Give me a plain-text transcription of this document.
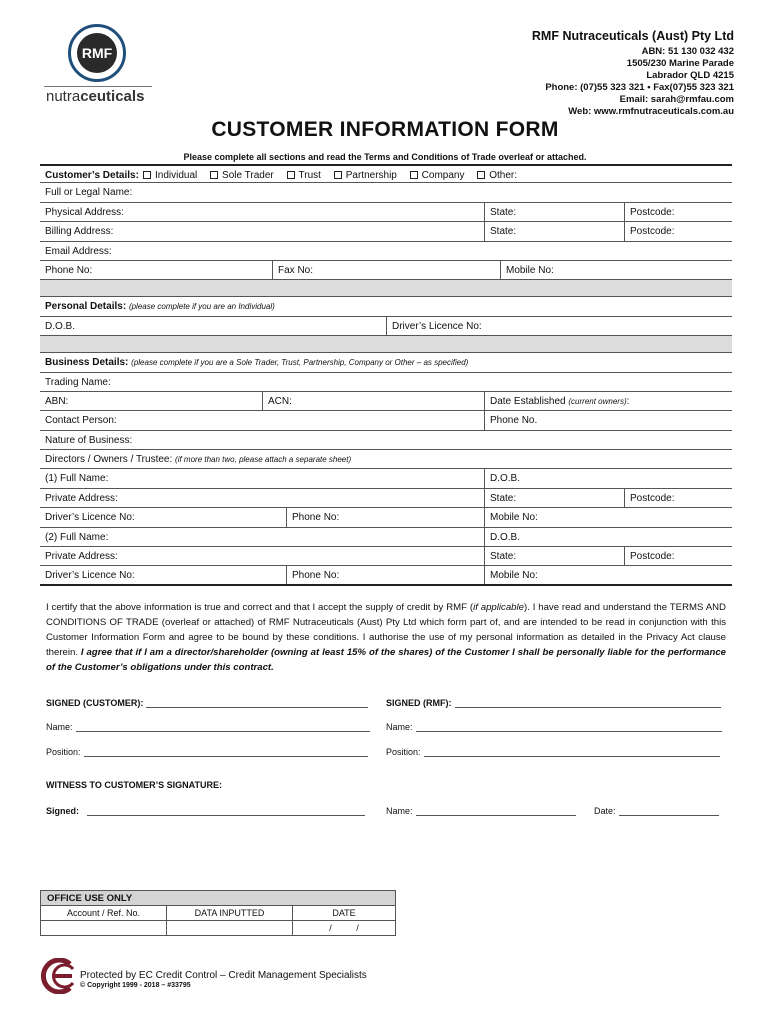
RMF
nutraceuticals
RMF Nutraceuticals (Aust) Pty Ltd
ABN: 51 130 032 432
1505/230 Marine Parade
Labrador QLD 4215
Phone: (07)55 323 321 • Fax(07)55 323 321
Email: sarah@rmfau.com
Web: www.rmfnutraceuticals.com.au
CUSTOMER INFORMATION FORM
Please complete all sections and read the Terms and Conditions of Trade overleaf or attached.
Customer’s Details:	Individual Sole Trader Trust Partnership Company Other:
Full or Legal Name:
Physical Address:	State:	Postcode:
Billing Address:	State:	Postcode:
Email Address:
Phone No:	Fax No:	Mobile No:
Personal Details: (please complete if you are an Individual)
D.O.B.	Driver’s Licence No:
Business Details: (please complete if you are a Sole Trader, Trust, Partnership, Company or Other – as specified)
Trading Name:
ABN:	ACN:	Date Established (current owners):
Contact Person:	Phone No.
Nature of Business:
Directors / Owners / Trustee: (if more than two, please attach a separate sheet)
(1) Full Name:	D.O.B.
Private Address:	State:	Postcode:
Driver’s Licence No:	Phone No:	Mobile No:
(2) Full Name:	D.O.B.
Private Address:	State:	Postcode:
Driver’s Licence No:	Phone No:	Mobile No:
I certify that the above information is true and correct and that I accept the supply of credit by RMF (if applicable). I have read and understand the TERMS AND CONDITIONS OF TRADE (overleaf or attached) of RMF Nutraceuticals (Aust) Pty Ltd which form part of, and are intended to be read in conjunction with this Customer Information Form and agree to be bound by these conditions. I authorise the use of my personal information as detailed in the Privacy Act clause therein. I agree that if I am a director/shareholder (owning at least 15% of the shares) of the Customer I shall be personally liable for the performance of the Customer’s obligations under this contract.
SIGNED (CUSTOMER):	SIGNED (RMF):
Name:	Name:
Position:	Position:
WITNESS TO CUSTOMER’S SIGNATURE:
Signed:	Name:	Date:
OFFICE USE ONLY		
Account / Ref. No.	DATA INPUTTED	DATE
		/ /
Protected by EC Credit Control – Credit Management Specialists
© Copyright 1999 - 2018 – #33795
